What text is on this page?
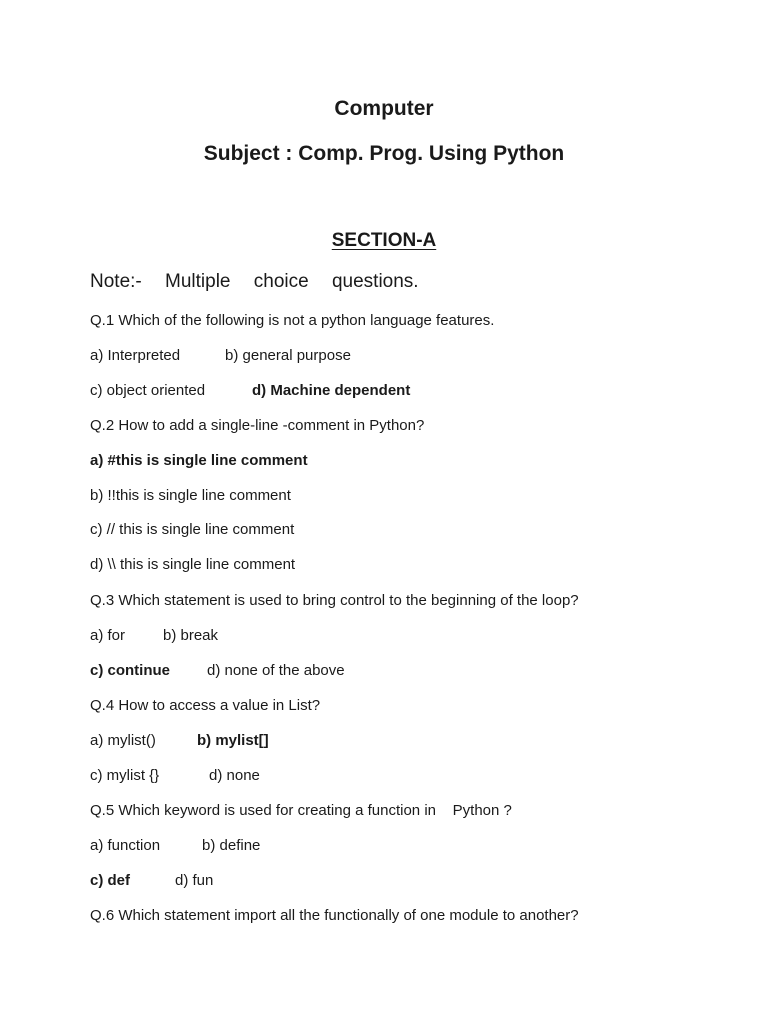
Computer
Subject : Comp. Prog. Using Python
SECTION-A
Note:- Multiple choice questions.
Q.1 Which of the following is not a python language features.
a) Interpreted	b) general purpose
c) object oriented	d) Machine dependent
Q.2 How to add a single-line -comment in Python?
a) #this is single line comment
b) !!this is single line comment
c) // this is single line comment
d) \\ this is single line comment
Q.3 Which statement is used to bring control to the beginning of the loop?
a) for	b) break
c) continue d) none of the above
Q.4 How to access a value in List?
a) mylist()	b) mylist[]
c) mylist {}	d) none
Q.5 Which keyword is used for creating a function in    Python ?
a) function	b) define
c) def	d) fun
Q.6 Which statement import all the functionally of one module to another?
